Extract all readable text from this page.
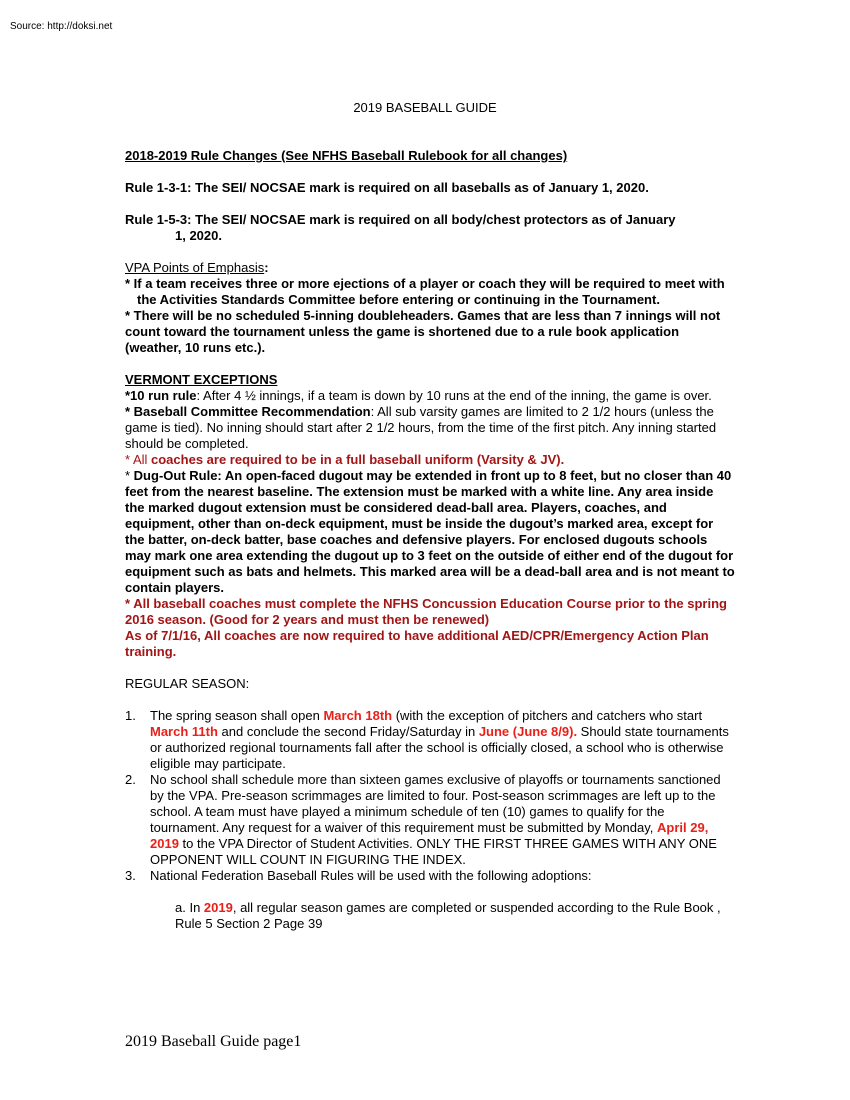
Source: http://doksi.net
2019 BASEBALL GUIDE

2018-2019 Rule Changes (See NFHS Baseball Rulebook for all changes)

Rule 1-3-1: The SEI/ NOCSAE mark is required on all baseballs as of January 1, 2020.

Rule 1-5-3: The SEI/ NOCSAE mark is required on all body/chest protectors as of January

1, 2020.

VPA Points of Emphasis:

* If a team receives three or more ejections of a player or coach they will be required to meet with the Activities Standards Committee before entering or continuing in the Tournament.

* There will be no scheduled 5-inning doubleheaders. Games that are less than 7 innings will not count toward the tournament unless the game is shortened due to a rule book application (weather, 10 runs etc.).

VERMONT EXCEPTIONS

*10 run rule: After 4 ½ innings, if a team is down by 10 runs at the end of the inning, the game is over.

* Baseball Committee Recommendation: All sub varsity games are limited to 2 1/2 hours (unless the game is tied). No inning should start after 2 1/2 hours, from the time of the first pitch. Any inning started should be completed.

* All coaches are required to be in a full baseball uniform (Varsity & JV).

* Dug-Out Rule: An open-faced dugout may be extended in front up to 8 feet, but no closer than 40 feet from the nearest baseline. The extension must be marked with a white line. Any area inside the marked dugout extension must be considered dead-ball area. Players, coaches, and equipment, other than on-deck equipment, must be inside the dugout’s marked area, except for the batter, on-deck batter, base coaches and defensive players. For enclosed dugouts schools may mark one area extending the dugout up to 3 feet on the outside of either end of the dugout for equipment such as bats and helmets. This marked area will be a dead-ball area and is not meant to contain players.

* All baseball coaches must complete the NFHS Concussion Education Course prior to the spring 2016 season. (Good for 2 years and must then be renewed)

As of 7/1/16, All coaches are now required to have additional AED/CPR/Emergency Action Plan training.

REGULAR SEASON:

1.	The spring season shall open March 18th (with the exception of pitchers and catchers who start March 11th and conclude the second Friday/Saturday in June (June 8/9). Should state tournaments or authorized regional tournaments fall after the school is officially closed, a school who is otherwise eligible may participate.
2.	No school shall schedule more than sixteen games exclusive of playoffs or tournaments sanctioned by the VPA. Pre-season scrimmages are limited to four. Post-season scrimmages are left up to the school. A team must have played a minimum schedule of ten (10) games to qualify for the tournament. Any request for a waiver of this requirement must be submitted by Monday, April 29, 2019 to the VPA Director of Student Activities. ONLY THE FIRST THREE GAMES WITH ANY ONE OPPONENT WILL COUNT IN FIGURING THE INDEX.
3.	National Federation Baseball Rules will be used with the following adoptions:

a. In 2019, all regular season games are completed or suspended according to the Rule Book , Rule 5 Section 2 Page 39

2019 Baseball Guide page1
